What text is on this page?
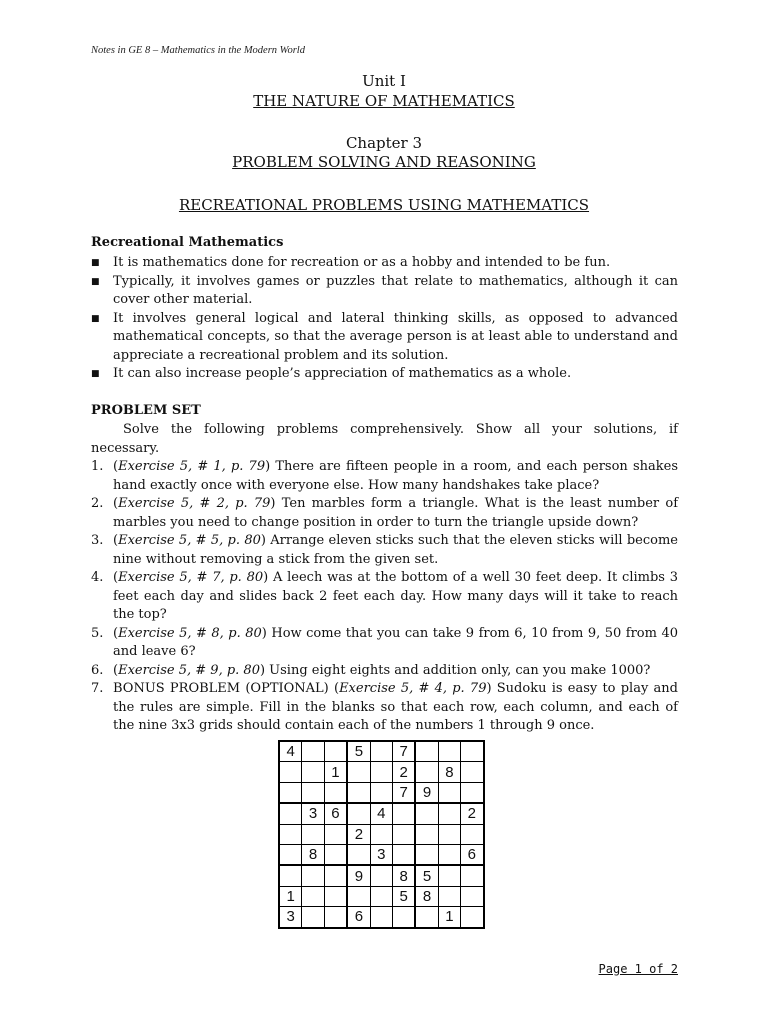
Notes in GE 8 – Mathematics in the Modern World
Unit I
THE NATURE OF MATHEMATICS
Chapter 3
PROBLEM SOLVING AND REASONING
RECREATIONAL PROBLEMS USING MATHEMATICS
Recreational Mathematics
■ It is mathematics done for recreation or as a hobby and intended to be fun.
■ Typically, it involves games or puzzles that relate to mathematics, although it can cover other material.
■ It involves general logical and lateral thinking skills, as opposed to advanced mathematical concepts, so that the average person is at least able to understand and appreciate a recreational problem and its solution.
■ It can also increase people’s appreciation of mathematics as a whole.
PROBLEM SET
Solve the following problems comprehensively. Show all your solutions, if necessary.
1. (Exercise 5, # 1, p. 79) There are fifteen people in a room, and each person shakes hand exactly once with everyone else. How many handshakes take place?
2. (Exercise 5, # 2, p. 79) Ten marbles form a triangle. What is the least number of marbles you need to change position in order to turn the triangle upside down?
3. (Exercise 5, # 5, p. 80) Arrange eleven sticks such that the eleven sticks will become nine without removing a stick from the given set.
4. (Exercise 5, # 7, p. 80) A leech was at the bottom of a well 30 feet deep. It climbs 3 feet each day and slides back 2 feet each day. How many days will it take to reach the top?
5. (Exercise 5, # 8, p. 80) How come that you can take 9 from 6, 10 from 9, 50 from 40 and leave 6?
6. (Exercise 5, # 9, p. 80) Using eight eights and addition only, can you make 1000?
7. BONUS PROBLEM (OPTIONAL) (Exercise 5, # 4, p. 79) Sudoku is easy to play and the rules are simple. Fill in the blanks so that each row, each column, and each of the nine 3x3 grids should contain each of the numbers 1 through 9 once.
4			5		7			
		1			2		8	
					7	9		
	3	6		4				2
			2					
	8			3				6
			9		8	5		
1					5	8		
3			6				1	
Page 1 of 2
